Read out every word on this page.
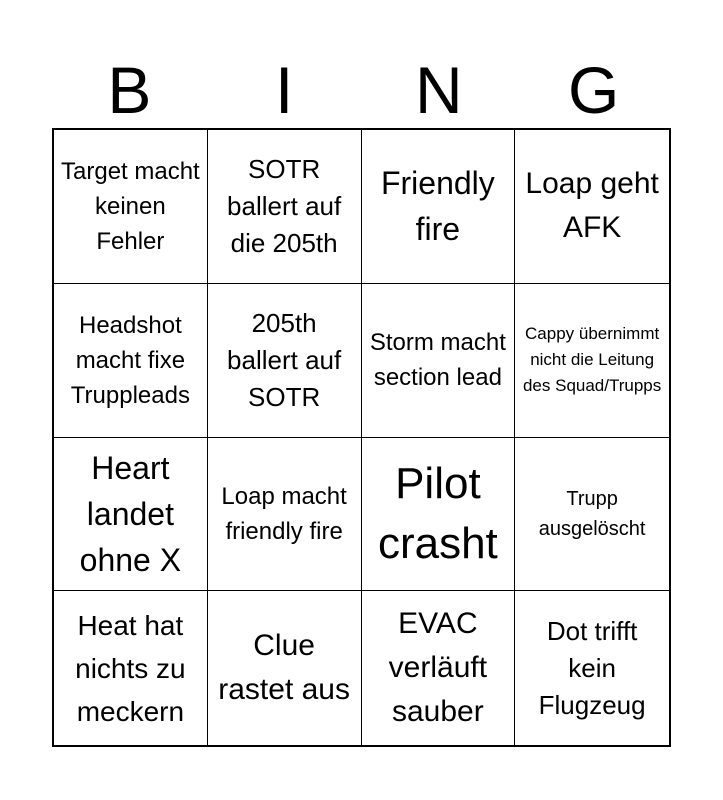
B	I	N	G
Target macht keinen Fehler
SOTR ballert auf die 205th
Friendly fire
Loap geht AFK
Headshot macht fixe Truppleads
205th ballert auf SOTR
Storm macht section lead
Cappy übernimmt nicht die Leitung des Squad/Trupps
Heart landet ohne X
Loap macht friendly fire
Pilot crasht
Trupp ausgelöscht
Heat hat nichts zu meckern
Clue rastet aus
EVAC verläuft sauber
Dot trifft kein Flugzeug
